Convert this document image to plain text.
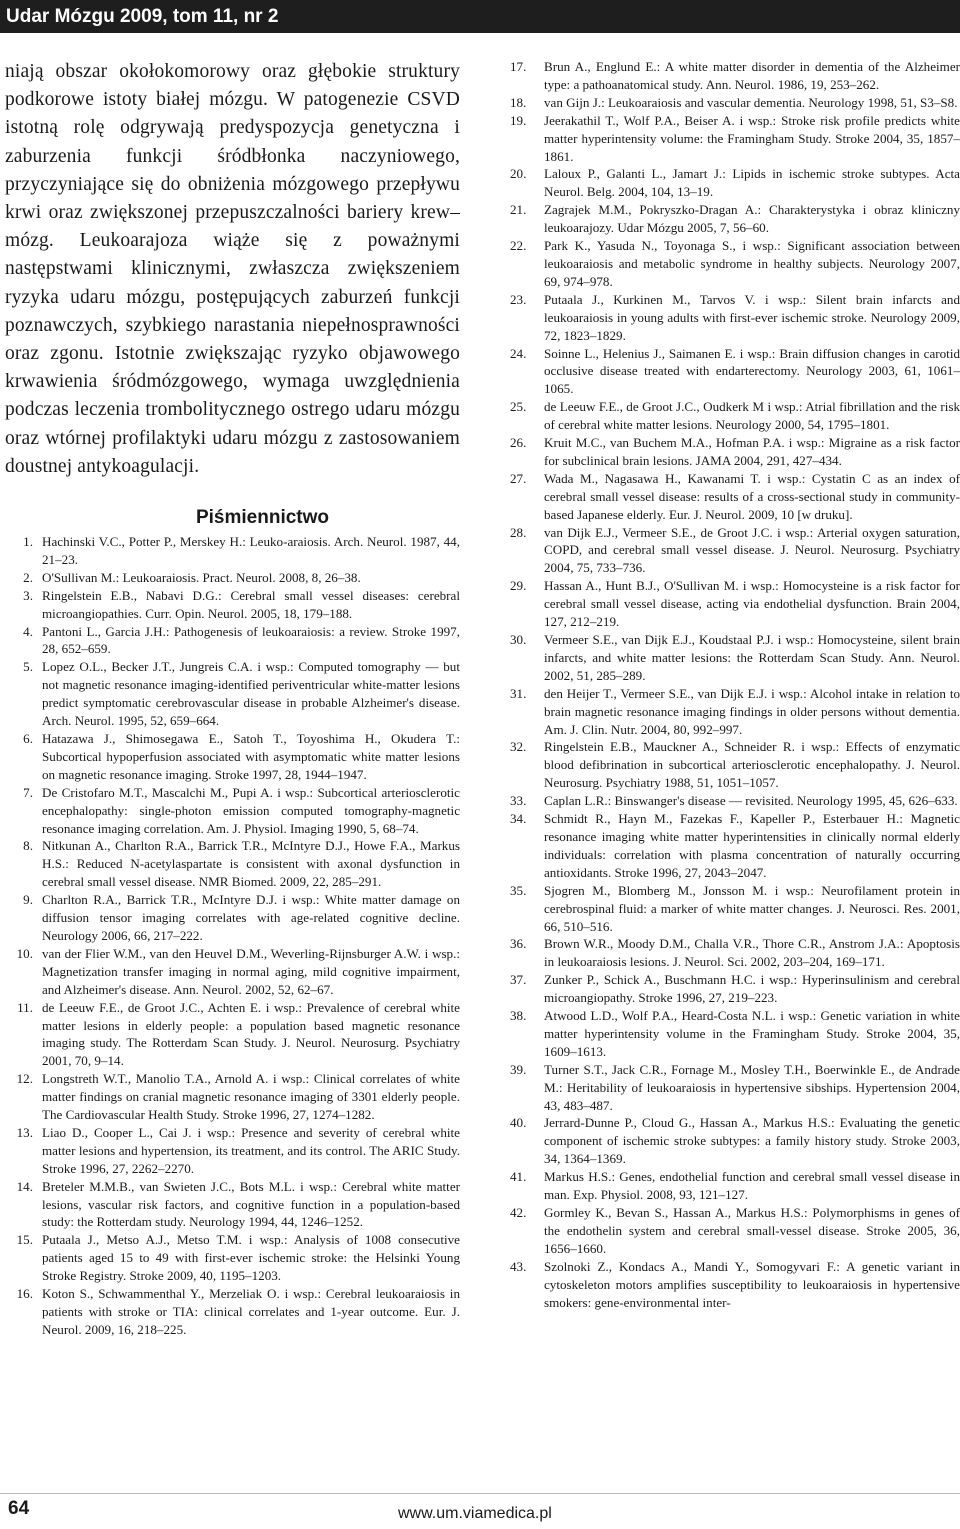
Udar Mózgu 2009, tom 11, nr 2

niają obszar okołokomorowy oraz głębokie struktury podkorowe istoty białej mózgu. W patogenezie CSVD istotną rolę odgrywają predyspozycja genetyczna i zaburzenia funkcji śródbłonka naczyniowego, przyczyniające się do obniżenia mózgowego przepływu krwi oraz zwiększonej przepuszczalności bariery krew–mózg. Leukoarajoza wiąże się z poważnymi następstwami klinicznymi, zwłaszcza zwiększeniem ryzyka udaru mózgu, postępujących zaburzeń funkcji poznawczych, szybkiego narastania niepełnosprawności oraz zgonu. Istotnie zwiększając ryzyko objawowego krwawienia śródmózgowego, wymaga uwzględnienia podczas leczenia trombolitycznego ostrego udaru mózgu oraz wtórnej profilaktyki udaru mózgu z zastosowaniem doustnej antykoagulacji.

Piśmiennictwo
1. Hachinski V.C., Potter P., Merskey H.: Leuko-araiosis. Arch. Neurol. 1987, 44, 21–23.
2. O'Sullivan M.: Leukoaraiosis. Pract. Neurol. 2008, 8, 26–38.
3. Ringelstein E.B., Nabavi D.G.: Cerebral small vessel diseases: cerebral microangiopathies. Curr. Opin. Neurol. 2005, 18, 179–188.
4. Pantoni L., Garcia J.H.: Pathogenesis of leukoaraiosis: a review. Stroke 1997, 28, 652–659.
5. Lopez O.L., Becker J.T., Jungreis C.A. i wsp.: Computed tomography — but not magnetic resonance imaging-identified periventricular white-matter lesions predict symptomatic cerebrovascular disease in probable Alzheimer's disease. Arch. Neurol. 1995, 52, 659–664.
6. Hatazawa J., Shimosegawa E., Satoh T., Toyoshima H., Okudera T.: Subcortical hypoperfusion associated with asymptomatic white matter lesions on magnetic resonance imaging. Stroke 1997, 28, 1944–1947.
7. De Cristofaro M.T., Mascalchi M., Pupi A. i wsp.: Subcortical arteriosclerotic encephalopathy: single-photon emission computed tomography-magnetic resonance imaging correlation. Am. J. Physiol. Imaging 1990, 5, 68–74.
8. Nitkunan A., Charlton R.A., Barrick T.R., McIntyre D.J., Howe F.A., Markus H.S.: Reduced N-acetylaspartate is consistent with axonal dysfunction in cerebral small vessel disease. NMR Biomed. 2009, 22, 285–291.
9. Charlton R.A., Barrick T.R., McIntyre D.J. i wsp.: White matter damage on diffusion tensor imaging correlates with age-related cognitive decline. Neurology 2006, 66, 217–222.
10. van der Flier W.M., van den Heuvel D.M., Weverling-Rijnsburger A.W. i wsp.: Magnetization transfer imaging in normal aging, mild cognitive impairment, and Alzheimer's disease. Ann. Neurol. 2002, 52, 62–67.
11. de Leeuw F.E., de Groot J.C., Achten E. i wsp.: Prevalence of cerebral white matter lesions in elderly people: a population based magnetic resonance imaging study. The Rotterdam Scan Study. J. Neurol. Neurosurg. Psychiatry 2001, 70, 9–14.
12. Longstreth W.T., Manolio T.A., Arnold A. i wsp.: Clinical correlates of white matter findings on cranial magnetic resonance imaging of 3301 elderly people. The Cardiovascular Health Study. Stroke 1996, 27, 1274–1282.
13. Liao D., Cooper L., Cai J. i wsp.: Presence and severity of cerebral white matter lesions and hypertension, its treatment, and its control. The ARIC Study. Stroke 1996, 27, 2262–2270.
14. Breteler M.M.B., van Swieten J.C., Bots M.L. i wsp.: Cerebral white matter lesions, vascular risk factors, and cognitive function in a population-based study: the Rotterdam study. Neurology 1994, 44, 1246–1252.
15. Putaala J., Metso A.J., Metso T.M. i wsp.: Analysis of 1008 consecutive patients aged 15 to 49 with first-ever ischemic stroke: the Helsinki Young Stroke Registry. Stroke 2009, 40, 1195–1203.
16. Koton S., Schwammenthal Y., Merzeliak O. i wsp.: Cerebral leukoaraiosis in patients with stroke or TIA: clinical correlates and 1-year outcome. Eur. J. Neurol. 2009, 16, 218–225.
17.	Brun A., Englund E.: A white matter disorder in dementia of the Alzheimer type: a pathoanatomical study. Ann. Neurol. 1986, 19, 253–262.
18.	van Gijn J.: Leukoaraiosis and vascular dementia. Neurology 1998, 51, S3–S8.
19.	Jeerakathil T., Wolf P.A., Beiser A. i wsp.: Stroke risk profile predicts white matter hyperintensity volume: the Framingham Study. Stroke 2004, 35, 1857–1861.
20.	Laloux P., Galanti L., Jamart J.: Lipids in ischemic stroke subtypes. Acta Neurol. Belg. 2004, 104, 13–19.
21.	Zagrajek M.M., Pokryszko-Dragan A.: Charakterystyka i obraz kliniczny leukoarajozy. Udar Mózgu 2005, 7, 56–60.
22.	Park K., Yasuda N., Toyonaga S., i wsp.: Significant association between leukoaraiosis and metabolic syndrome in healthy subjects. Neurology 2007, 69, 974–978.
23.	Putaala J., Kurkinen M., Tarvos V. i wsp.: Silent brain infarcts and leukoaraiosis in young adults with first-ever ischemic stroke. Neurology 2009, 72, 1823–1829.
24.	Soinne L., Helenius J., Saimanen E. i wsp.: Brain diffusion changes in carotid occlusive disease treated with endarterectomy. Neurology 2003, 61, 1061–1065.
25.	de Leeuw F.E., de Groot J.C., Oudkerk M i wsp.: Atrial fibrillation and the risk of cerebral white matter lesions. Neurology 2000, 54, 1795–1801.
26.	Kruit M.C., van Buchem M.A., Hofman P.A. i wsp.: Migraine as a risk factor for subclinical brain lesions. JAMA 2004, 291, 427–434.
27.	Wada M., Nagasawa H., Kawanami T. i wsp.: Cystatin C as an index of cerebral small vessel disease: results of a cross-sectional study in community-based Japanese elderly. Eur. J. Neurol. 2009, 10 [w druku].
28.	van Dijk E.J., Vermeer S.E., de Groot J.C. i wsp.: Arterial oxygen saturation, COPD, and cerebral small vessel disease. J. Neurol. Neurosurg. Psychiatry 2004, 75, 733–736.
29.	Hassan A., Hunt B.J., O'Sullivan M. i wsp.: Homocysteine is a risk factor for cerebral small vessel disease, acting via endothelial dysfunction. Brain 2004, 127, 212–219.
30.	Vermeer S.E., van Dijk E.J., Koudstaal P.J. i wsp.: Homocysteine, silent brain infarcts, and white matter lesions: the Rotterdam Scan Study. Ann. Neurol. 2002, 51, 285–289.
31.	den Heijer T., Vermeer S.E., van Dijk E.J. i wsp.: Alcohol intake in relation to brain magnetic resonance imaging findings in older persons without dementia. Am. J. Clin. Nutr. 2004, 80, 992–997.
32.	Ringelstein E.B., Mauckner A., Schneider R. i wsp.: Effects of enzymatic blood defibrination in subcortical arteriosclerotic encephalopathy. J. Neurol. Neurosurg. Psychiatry 1988, 51, 1051–1057.
33.	Caplan L.R.: Binswanger's disease — revisited. Neurology 1995, 45, 626–633.
34.	Schmidt R., Hayn M., Fazekas F., Kapeller P., Esterbauer H.: Magnetic resonance imaging white matter hyperintensities in clinically normal elderly individuals: correlation with plasma concentration of naturally occurring antioxidants. Stroke 1996, 27, 2043–2047.
35.	Sjogren M., Blomberg M., Jonsson M. i wsp.: Neurofilament protein in cerebrospinal fluid: a marker of white matter changes. J. Neurosci. Res. 2001, 66, 510–516.
36.	Brown W.R., Moody D.M., Challa V.R., Thore C.R., Anstrom J.A.: Apoptosis in leukoaraiosis lesions. J. Neurol. Sci. 2002, 203–204, 169–171.
37.	Zunker P., Schick A., Buschmann H.C. i wsp.: Hyperinsulinism and cerebral microangiopathy. Stroke 1996, 27, 219–223.
38.	Atwood L.D., Wolf P.A., Heard-Costa N.L. i wsp.: Genetic variation in white matter hyperintensity volume in the Framingham Study. Stroke 2004, 35, 1609–1613.
39.	Turner S.T., Jack C.R., Fornage M., Mosley T.H., Boerwinkle E., de Andrade M.: Heritability of leukoaraiosis in hypertensive sibships. Hypertension 2004, 43, 483–487.
40.	Jerrard-Dunne P., Cloud G., Hassan A., Markus H.S.: Evaluating the genetic component of ischemic stroke subtypes: a family history study. Stroke 2003, 34, 1364–1369.
41.	Markus H.S.: Genes, endothelial function and cerebral small vessel disease in man. Exp. Physiol. 2008, 93, 121–127.
42.	Gormley K., Bevan S., Hassan A., Markus H.S.: Polymorphisms in genes of the endothelin system and cerebral small-vessel disease. Stroke 2005, 36, 1656–1660.
43.	Szolnoki Z., Kondacs A., Mandi Y., Somogyvari F.: A genetic variant in cytoskeleton motors amplifies susceptibility to leukoaraiosis in hypertensive smokers: gene-environmental inter-
64	www.um.viamedica.pl
